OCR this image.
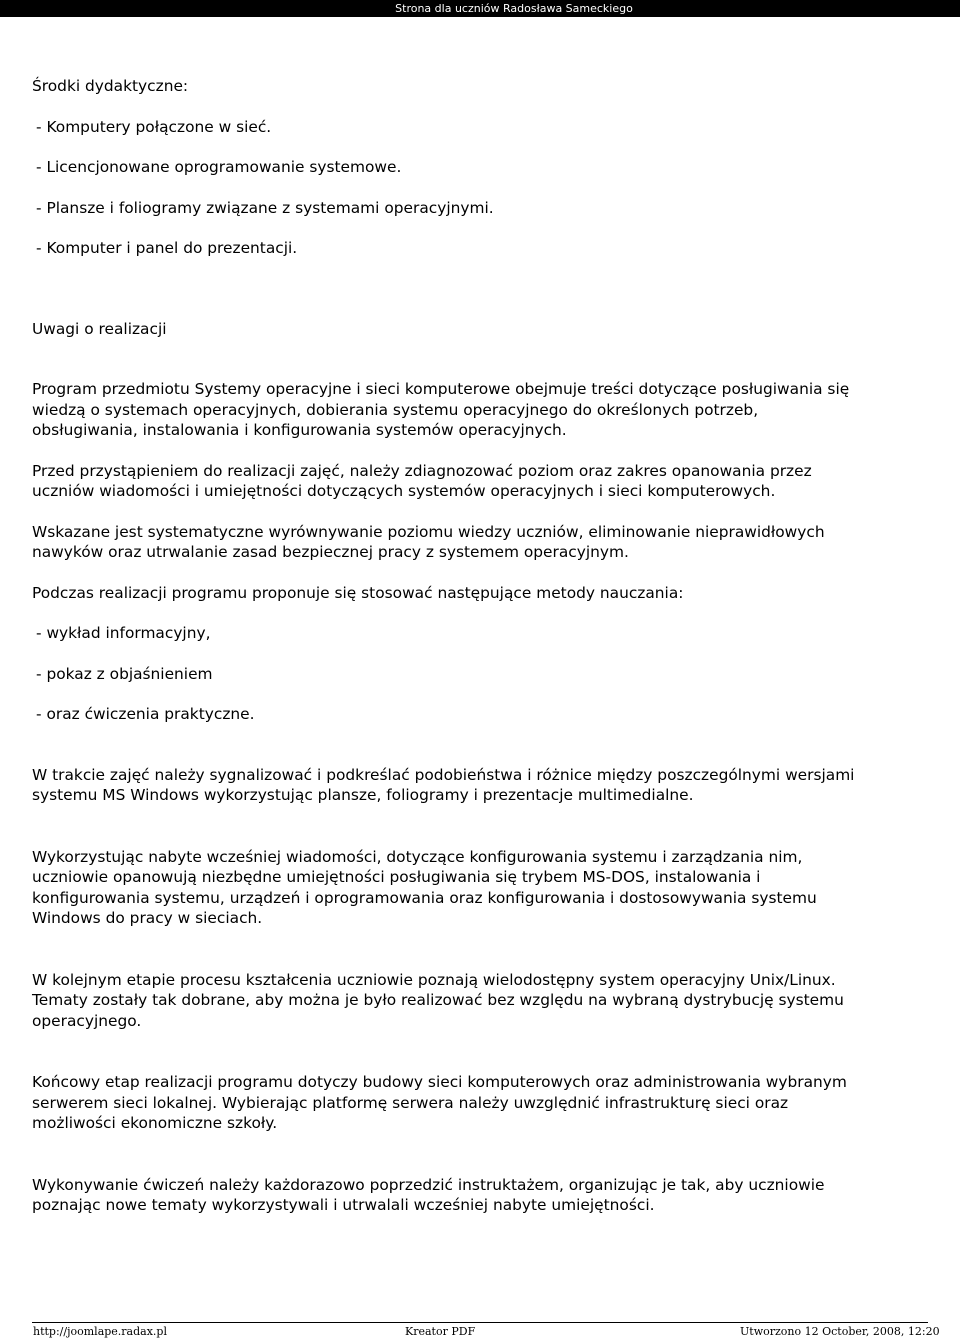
Strona dla uczniów Radosława Sameckiego
Środki dydaktyczne:
- Komputery połączone w sieć.
- Licencjonowane oprogramowanie systemowe.
- Plansze i foliogramy związane z systemami operacyjnymi.
- Komputer i panel do prezentacji.
Uwagi o realizacji
Program przedmiotu Systemy operacyjne i sieci komputerowe obejmuje treści dotyczące posługiwania się
wiedzą o systemach operacyjnych, dobierania systemu operacyjnego do określonych potrzeb,
obsługiwania, instalowania i konfigurowania systemów operacyjnych.
Przed przystąpieniem do realizacji zajęć, należy zdiagnozować poziom oraz zakres opanowania przez
uczniów wiadomości i umiejętności dotyczących systemów operacyjnych i sieci komputerowych.
Wskazane jest systematyczne wyrównywanie poziomu wiedzy uczniów, eliminowanie nieprawidłowych
nawyków oraz utrwalanie zasad bezpiecznej pracy z systemem operacyjnym.
Podczas realizacji programu proponuje się stosować następujące metody nauczania:
- wykład informacyjny,
- pokaz z objaśnieniem
- oraz ćwiczenia praktyczne.
W trakcie zajęć należy sygnalizować i podkreślać podobieństwa i różnice między poszczególnymi wersjami
systemu MS Windows wykorzystując plansze, foliogramy i prezentacje multimedialne.
Wykorzystując nabyte wcześniej wiadomości, dotyczące konfigurowania systemu i zarządzania nim,
uczniowie opanowują niezbędne umiejętności posługiwania się trybem MS-DOS, instalowania i
konfigurowania systemu, urządzeń i oprogramowania oraz konfigurowania i dostosowywania systemu
Windows do pracy w sieciach.
W kolejnym etapie procesu kształcenia uczniowie poznają wielodostępny system operacyjny Unix/Linux.
Tematy zostały tak dobrane, aby można je było realizować bez względu na wybraną dystrybucję systemu
operacyjnego.
Końcowy etap realizacji programu dotyczy budowy sieci komputerowych oraz administrowania wybranym
serwerem sieci lokalnej. Wybierając platformę serwera należy uwzględnić infrastrukturę sieci oraz
możliwości ekonomiczne szkoły.
Wykonywanie ćwiczeń należy każdorazowo poprzedzić instruktażem, organizując je tak, aby uczniowie
poznając nowe tematy wykorzystywali i utrwalali wcześniej nabyte umiejętności.
http://joomlape.radax.pl	Kreator PDF	Utworzono 12 October, 2008, 12:20
